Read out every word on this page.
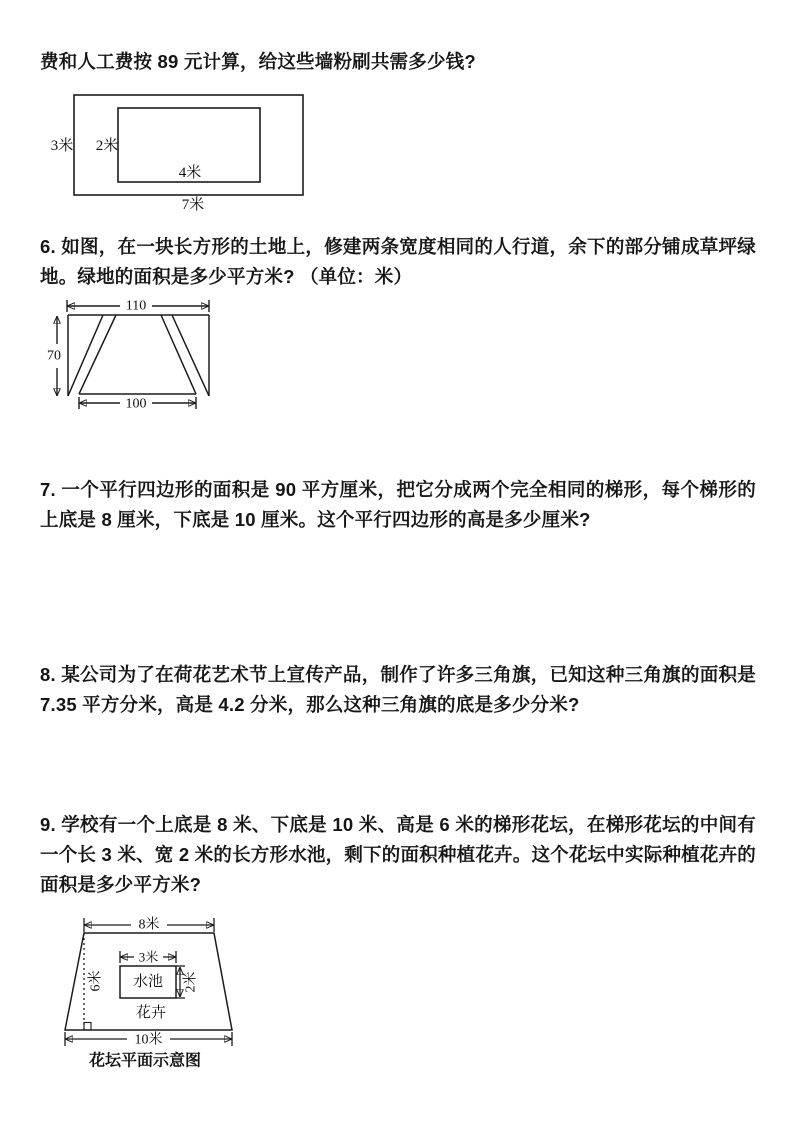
费和人工费按 89 元计算，给这些墙粉刷共需多少钱?

3米 2米
4米
7米

6. 如图，在一块长方形的土地上，修建两条宽度相同的人行道，余下的部分铺成草坪绿地。绿地的面积是多少平方米? （单位：米）

110
70
100

7. 一个平行四边形的面积是 90 平方厘米，把它分成两个完全相同的梯形，每个梯形的上底是 8 厘米，下底是 10 厘米。这个平行四边形的高是多少厘米?

8. 某公司为了在荷花艺术节上宣传产品，制作了许多三角旗，已知这种三角旗的面积是 7.35 平方分米，高是 4.2 分米，那么这种三角旗的底是多少分米?

9. 学校有一个上底是 8 米、下底是 10 米、高是 6 米的梯形花坛，在梯形花坛的中间有一个长 3 米、宽 2 米的长方形水池，剩下的面积种植花卉。这个花坛中实际种植花卉的面积是多少平方米?

8米
6米
3米
水池 2米
花卉
10米
花坛平面示意图
